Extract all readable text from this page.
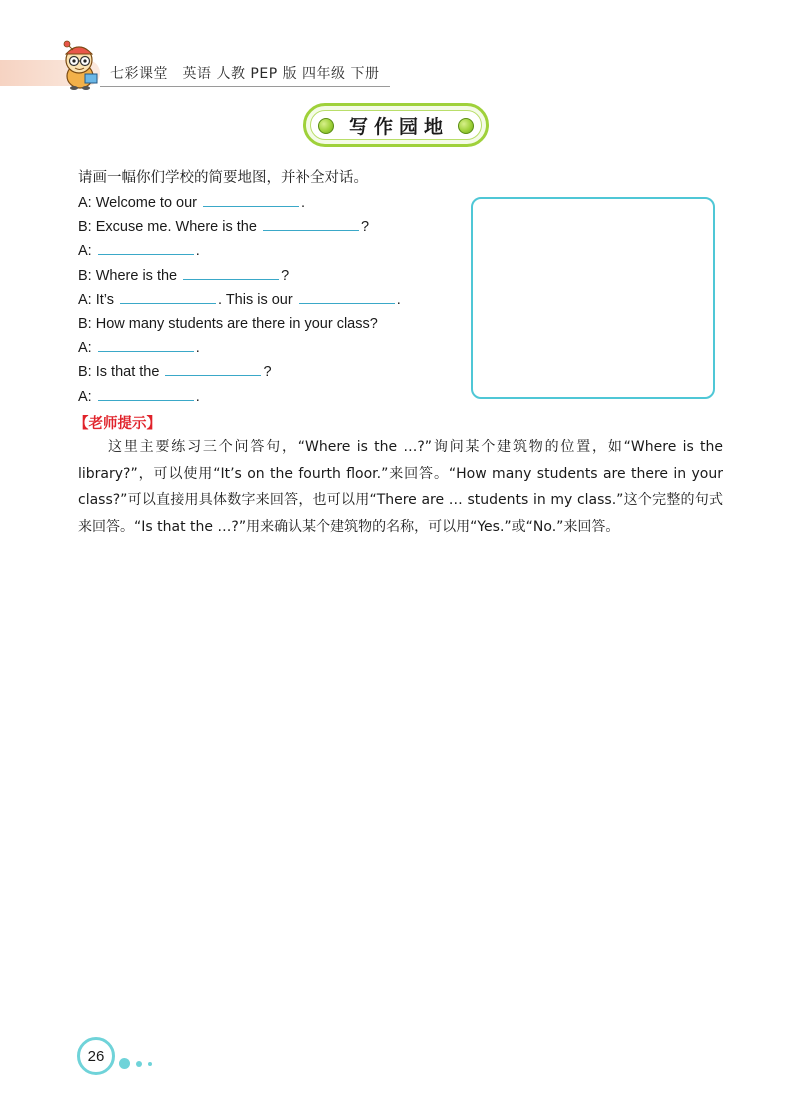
七彩课堂　英语 人教 PEP 版 四年级 下册
写作园地
请画一幅你们学校的简要地图，并补全对话。
A: Welcome to our	.
B: Excuse me. Where is the	?
A:	.
B: Where is the	?
A: It’s	. This is our	.
B: How many students are there in your class?
A:	.
B: Is that the	?
A:	.
【老师提示】

这里主要练习三个问答句，“Where is the …?”询问某个建筑物的位置，如“Where is the library?”，可以使用“It’s on the fourth floor.”来回答。“How many students are there in your class?”可以直接用具体数字来回答，也可以用“There are … students in my class.”这个完整的句式来回答。“Is that the …?”用来确认某个建筑物的名称，可以用“Yes.”或“No.”来回答。

26
